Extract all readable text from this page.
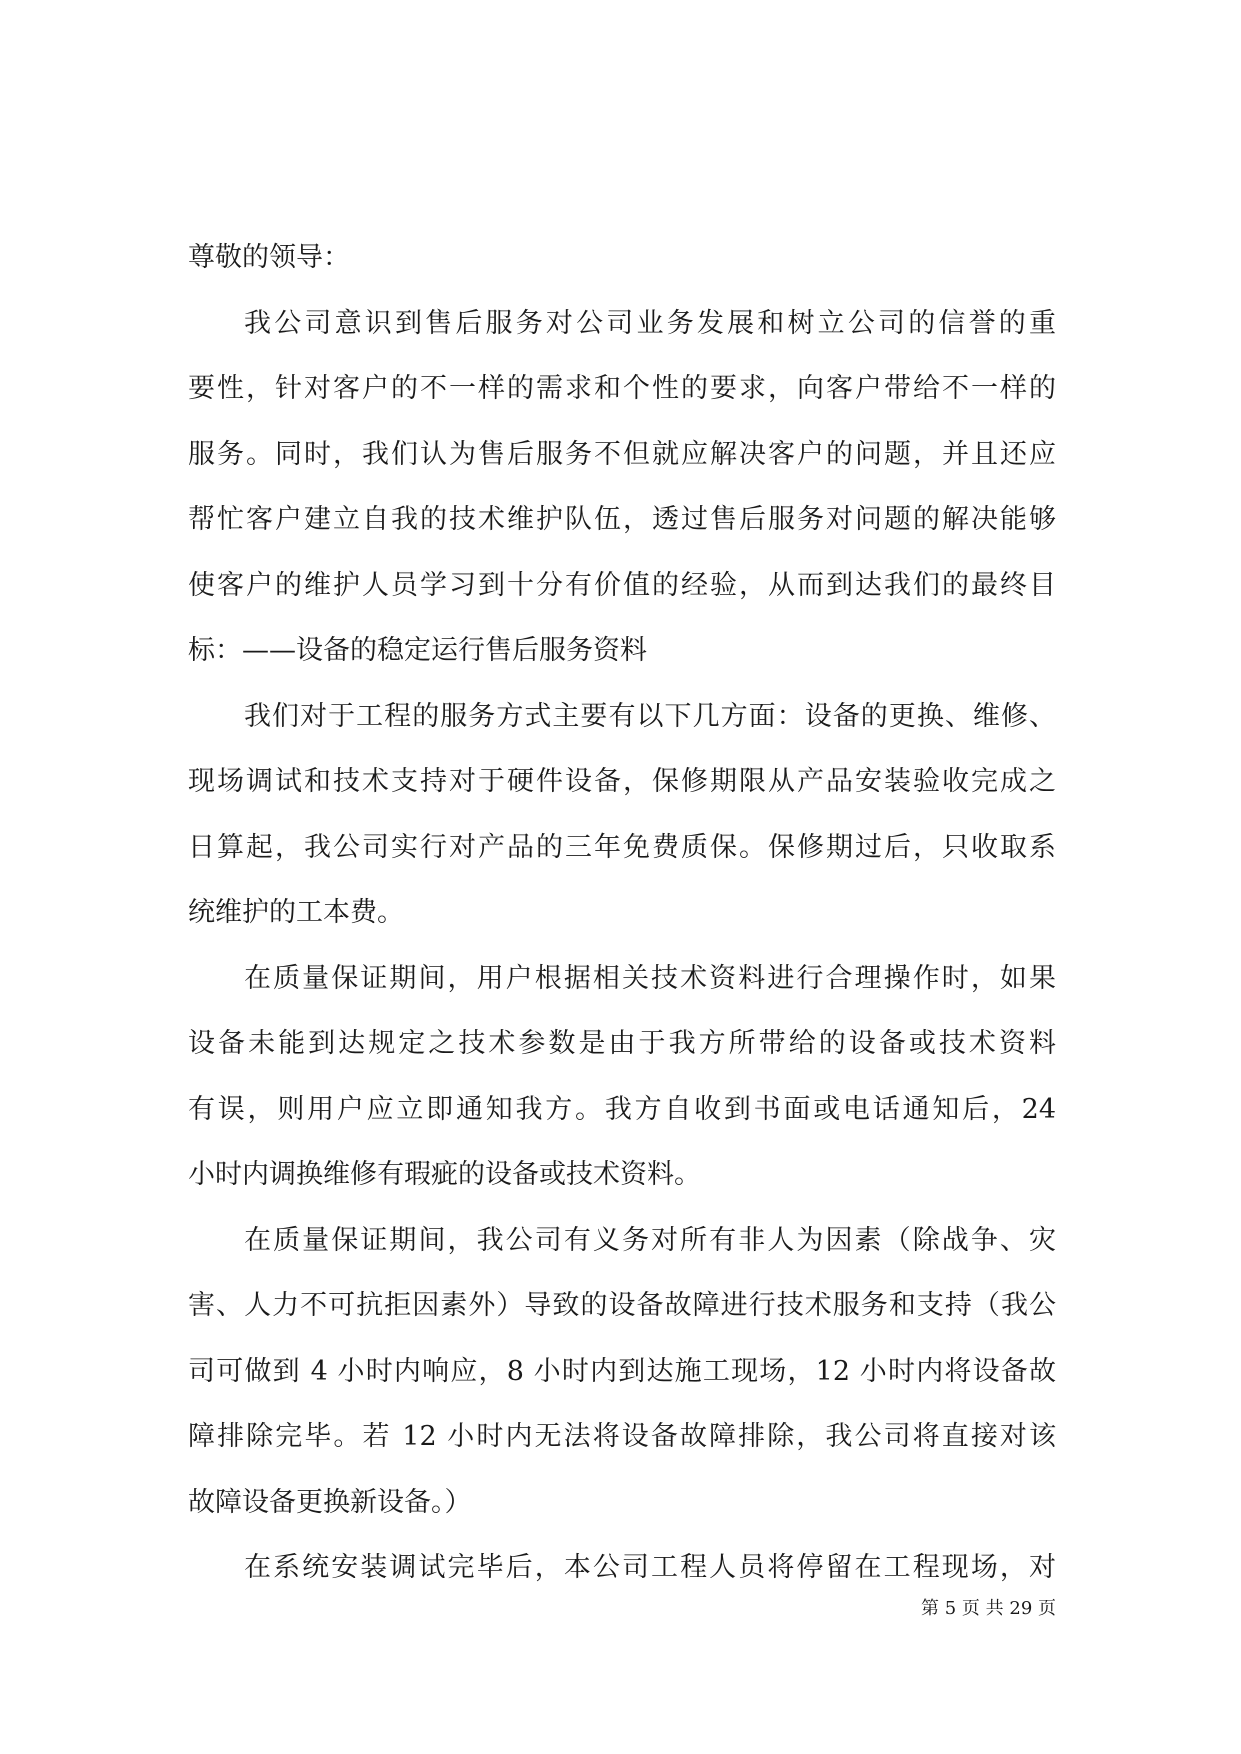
尊敬的领导：
我公司意识到售后服务对公司业务发展和树立公司的信誉的重
要性，针对客户的不一样的需求和个性的要求，向客户带给不一样的
服务。同时，我们认为售后服务不但就应解决客户的问题，并且还应
帮忙客户建立自我的技术维护队伍，透过售后服务对问题的解决能够
使客户的维护人员学习到十分有价值的经验，从而到达我们的最终目
标：——设备的稳定运行售后服务资料
我们对于工程的服务方式主要有以下几方面：设备的更换、维修、
现场调试和技术支持对于硬件设备，保修期限从产品安装验收完成之
日算起，我公司实行对产品的三年免费质保。保修期过后，只收取系
统维护的工本费。
在质量保证期间，用户根据相关技术资料进行合理操作时，如果
设备未能到达规定之技术参数是由于我方所带给的设备或技术资料
有误，则用户应立即通知我方。我方自收到书面或电话通知后，24
小时内调换维修有瑕疵的设备或技术资料。
在质量保证期间，我公司有义务对所有非人为因素（除战争、灾
害、人力不可抗拒因素外）导致的设备故障进行技术服务和支持（我公
司可做到 4 小时内响应，8 小时内到达施工现场，12 小时内将设备故
障排除完毕。若 12 小时内无法将设备故障排除，我公司将直接对该
故障设备更换新设备。）
在系统安装调试完毕后，本公司工程人员将停留在工程现场，对
第 5 页 共 29 页
